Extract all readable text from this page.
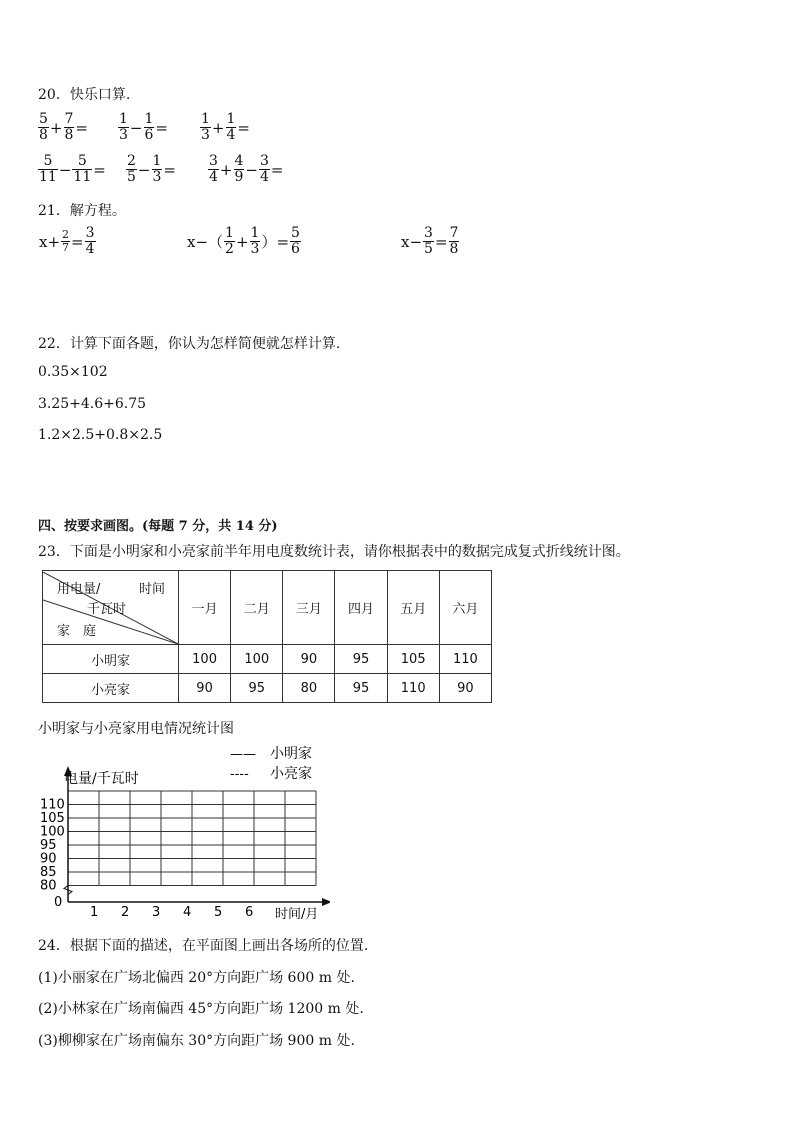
20．快乐口算.
$\frac{5}{8} + \frac{7}{8} = \frac{1}{3} - \frac{1}{6} = \frac{1}{3} + \frac{1}{4}$ =
$\frac{5}{11} - \frac{5}{11} = \frac{2}{5} - \frac{1}{3} = \frac{3}{4} + \frac{4}{9} - \frac{3}{4}$ =
21．解方程。
$x+ \frac{2}{7} = \frac{3}{4}$	$x-( \frac{1}{2} + \frac{1}{3}$ ）= $\frac{5}{6}$	$x- \frac{3}{5} = \frac{7}{8}$
22．计算下面各题，你认为怎样简便就怎样计算.
0.35×102
3.25+4.6+6.75
1.2×2.5+0.8×2.5
四、按要求画图。(每题 7 分，共 14 分)
23．下面是小明家和小亮家前半年用电度数统计表，请你根据表中的数据完成复式折线统计图。
用电量/ 时间
千瓦时
家　庭	一月	二月	三月	四月	五月	六月
小明家	100	100	90	95	105	110
小亮家	90	95	80	95	110	90
小明家与小亮家用电情况统计图
—— 小明家
---- 小亮家
0
80
85
90
95
100
105
110
1 2 3 4 5 6
电量/千瓦时
时间/月
24．根据下面的描述，在平面图上画出各场所的位置.
(1)小丽家在广场北偏西 20°方向距广场 600 m 处.
(2)小林家在广场南偏西 45°方向距广场 1200 m 处.
(3)柳柳家在广场南偏东 30°方向距广场 900 m 处.
